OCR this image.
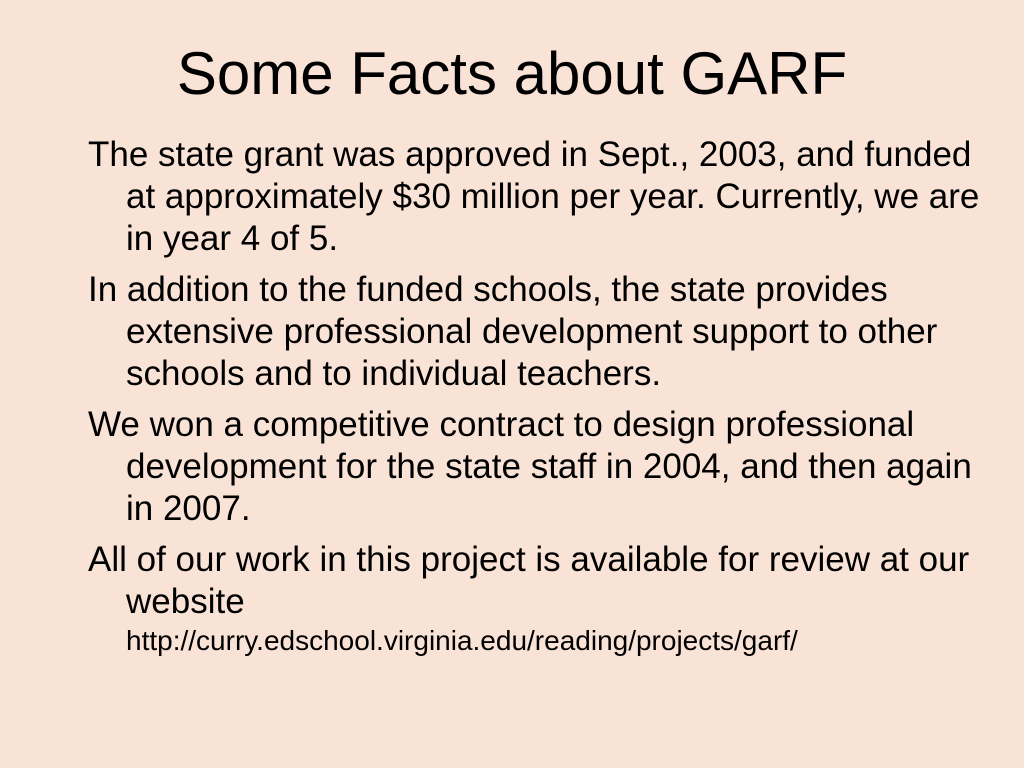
Some Facts about GARF
The state grant was approved in Sept., 2003, and funded at approximately $30 million per year. Currently, we are in year 4 of 5.
In addition to the funded schools, the state provides extensive professional development support to other schools and to individual teachers.
We won a competitive contract to design professional development for the state staff in 2004, and then again in 2007.
All of our work in this project is available for review at our website
http://curry.edschool.virginia.edu/reading/projects/garf/
